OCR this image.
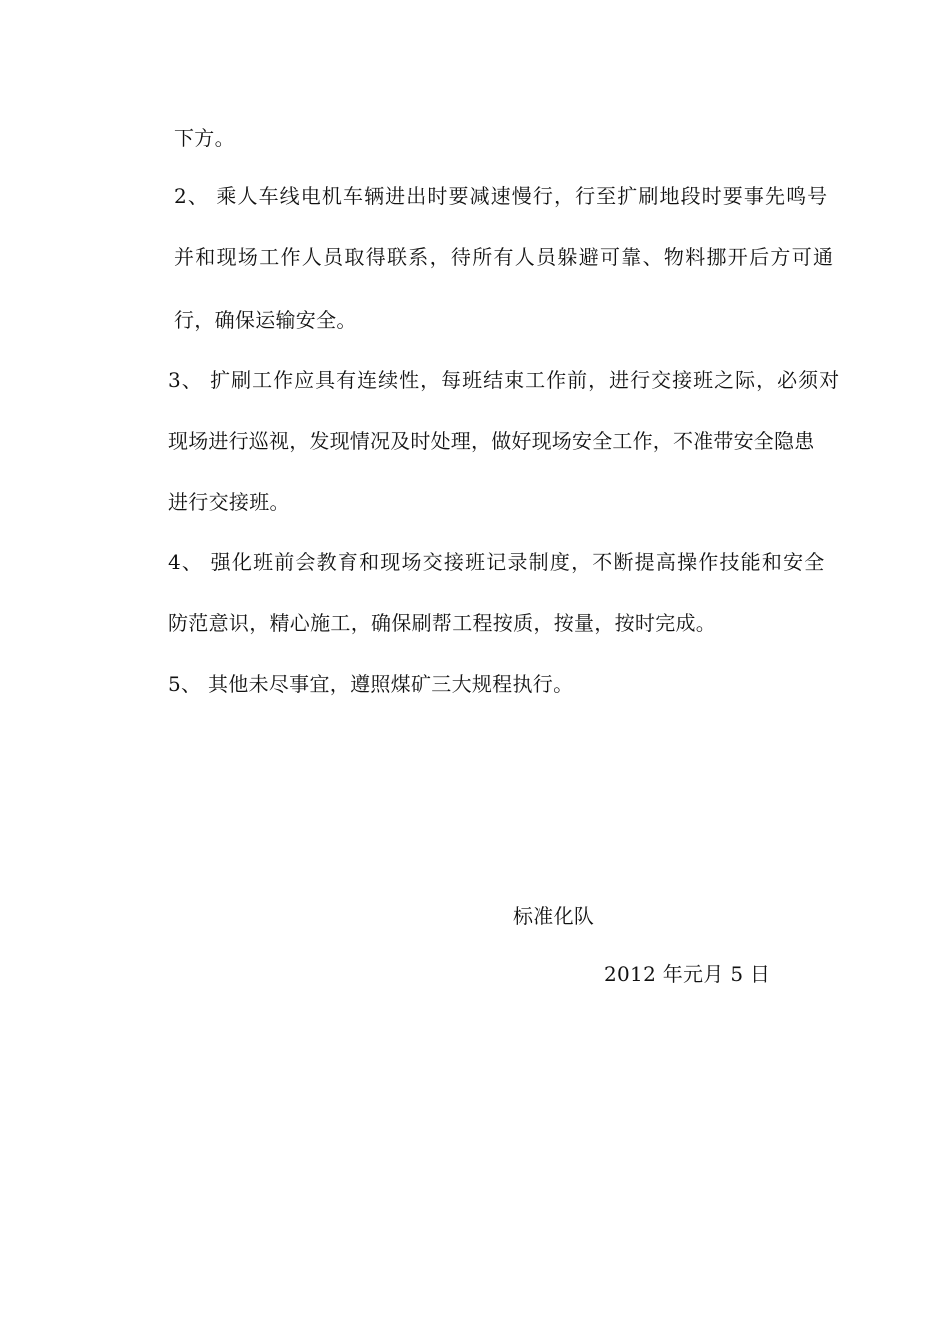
下方。
2、 乘人车线电机车辆进出时要减速慢行，行至扩刷地段时要事先鸣号
并和现场工作人员取得联系，待所有人员躲避可靠、物料挪开后方可通
行，确保运输安全。
3、 扩刷工作应具有连续性，每班结束工作前，进行交接班之际，必须对
现场进行巡视，发现情况及时处理，做好现场安全工作，不准带安全隐患
进行交接班。
4、 强化班前会教育和现场交接班记录制度，不断提高操作技能和安全
防范意识，精心施工，确保刷帮工程按质，按量，按时完成。
5、 其他未尽事宜，遵照煤矿三大规程执行。
标准化队
2012 年元月 5 日
